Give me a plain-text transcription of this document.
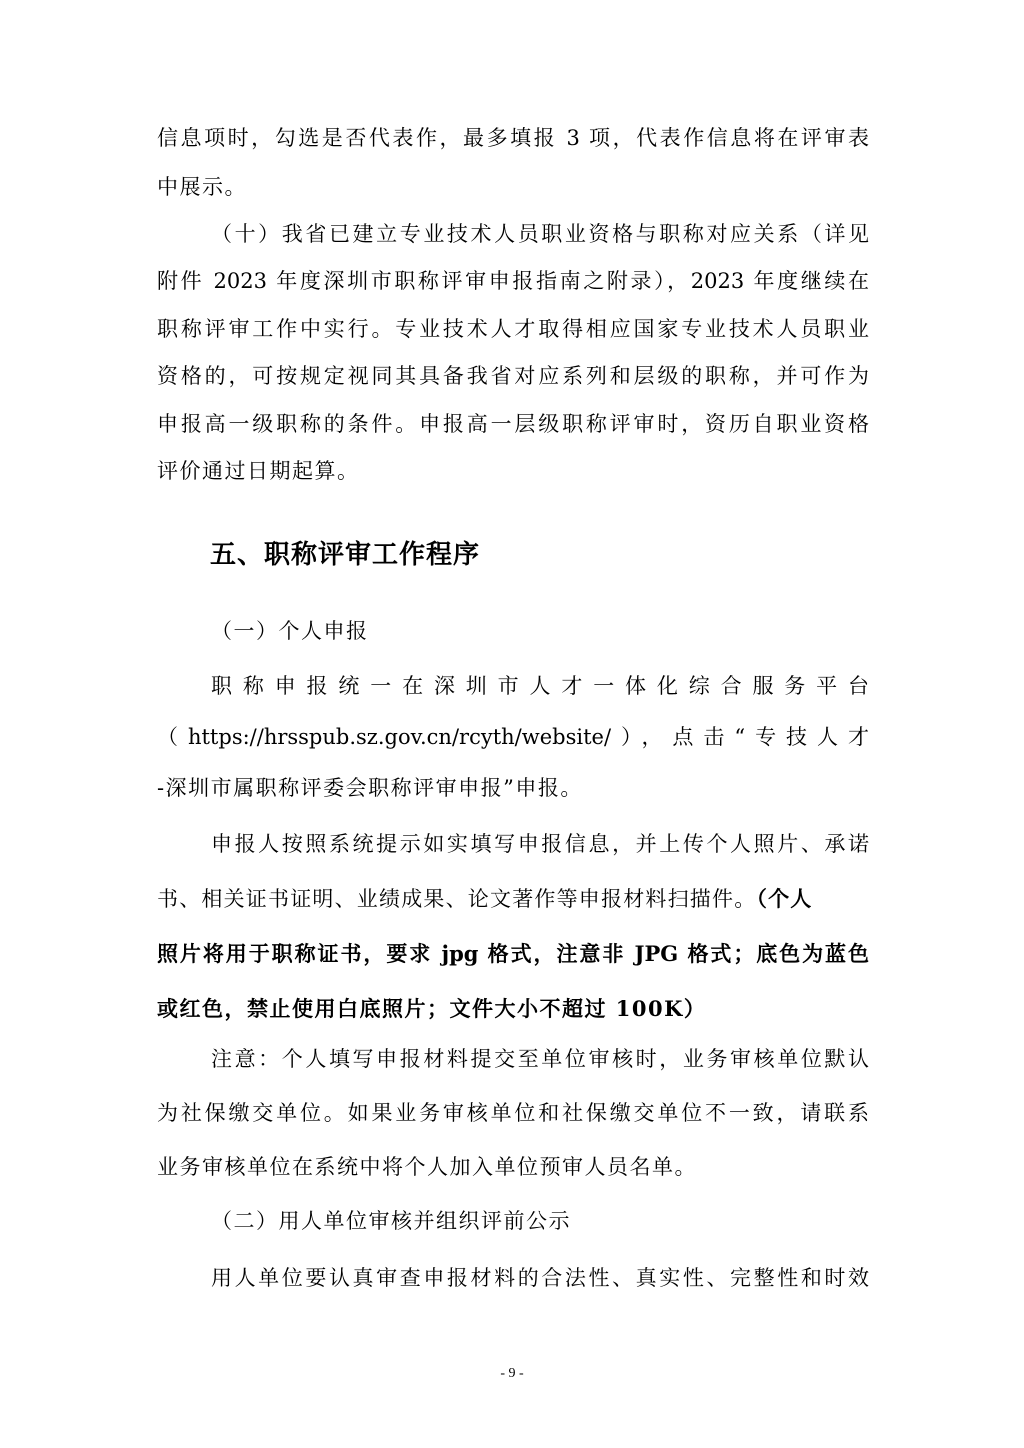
信息项时，勾选是否代表作，最多填报 3 项，代表作信息将在评审表
中展示。
（十）我省已建立专业技术人员职业资格与职称对应关系（详见
附件 2023 年度深圳市职称评审申报指南之附录），2023 年度继续在
职称评审工作中实行。专业技术人才取得相应国家专业技术人员职业
资格的，可按规定视同其具备我省对应系列和层级的职称，并可作为
申报高一级职称的条件。申报高一层级职称评审时，资历自职业资格
评价通过日期起算。
五、职称评审工作程序
（一）个人申报
职称申报统一在深圳市人才一体化综合服务平台
（https://hrsspub.sz.gov.cn/rcyth/website/），点击“专技人才
-深圳市属职称评委会职称评审申报”申报。
申报人按照系统提示如实填写申报信息，并上传个人照片、承诺
书、相关证书证明、业绩成果、论文著作等申报材料扫描件。（个人
照片将用于职称证书，要求 jpg 格式，注意非 JPG 格式；底色为蓝色
或红色，禁止使用白底照片；文件大小不超过 100K）
注意：个人填写申报材料提交至单位审核时，业务审核单位默认
为社保缴交单位。如果业务审核单位和社保缴交单位不一致，请联系
业务审核单位在系统中将个人加入单位预审人员名单。
（二）用人单位审核并组织评前公示
用人单位要认真审查申报材料的合法性、真实性、完整性和时效
- 9 -
